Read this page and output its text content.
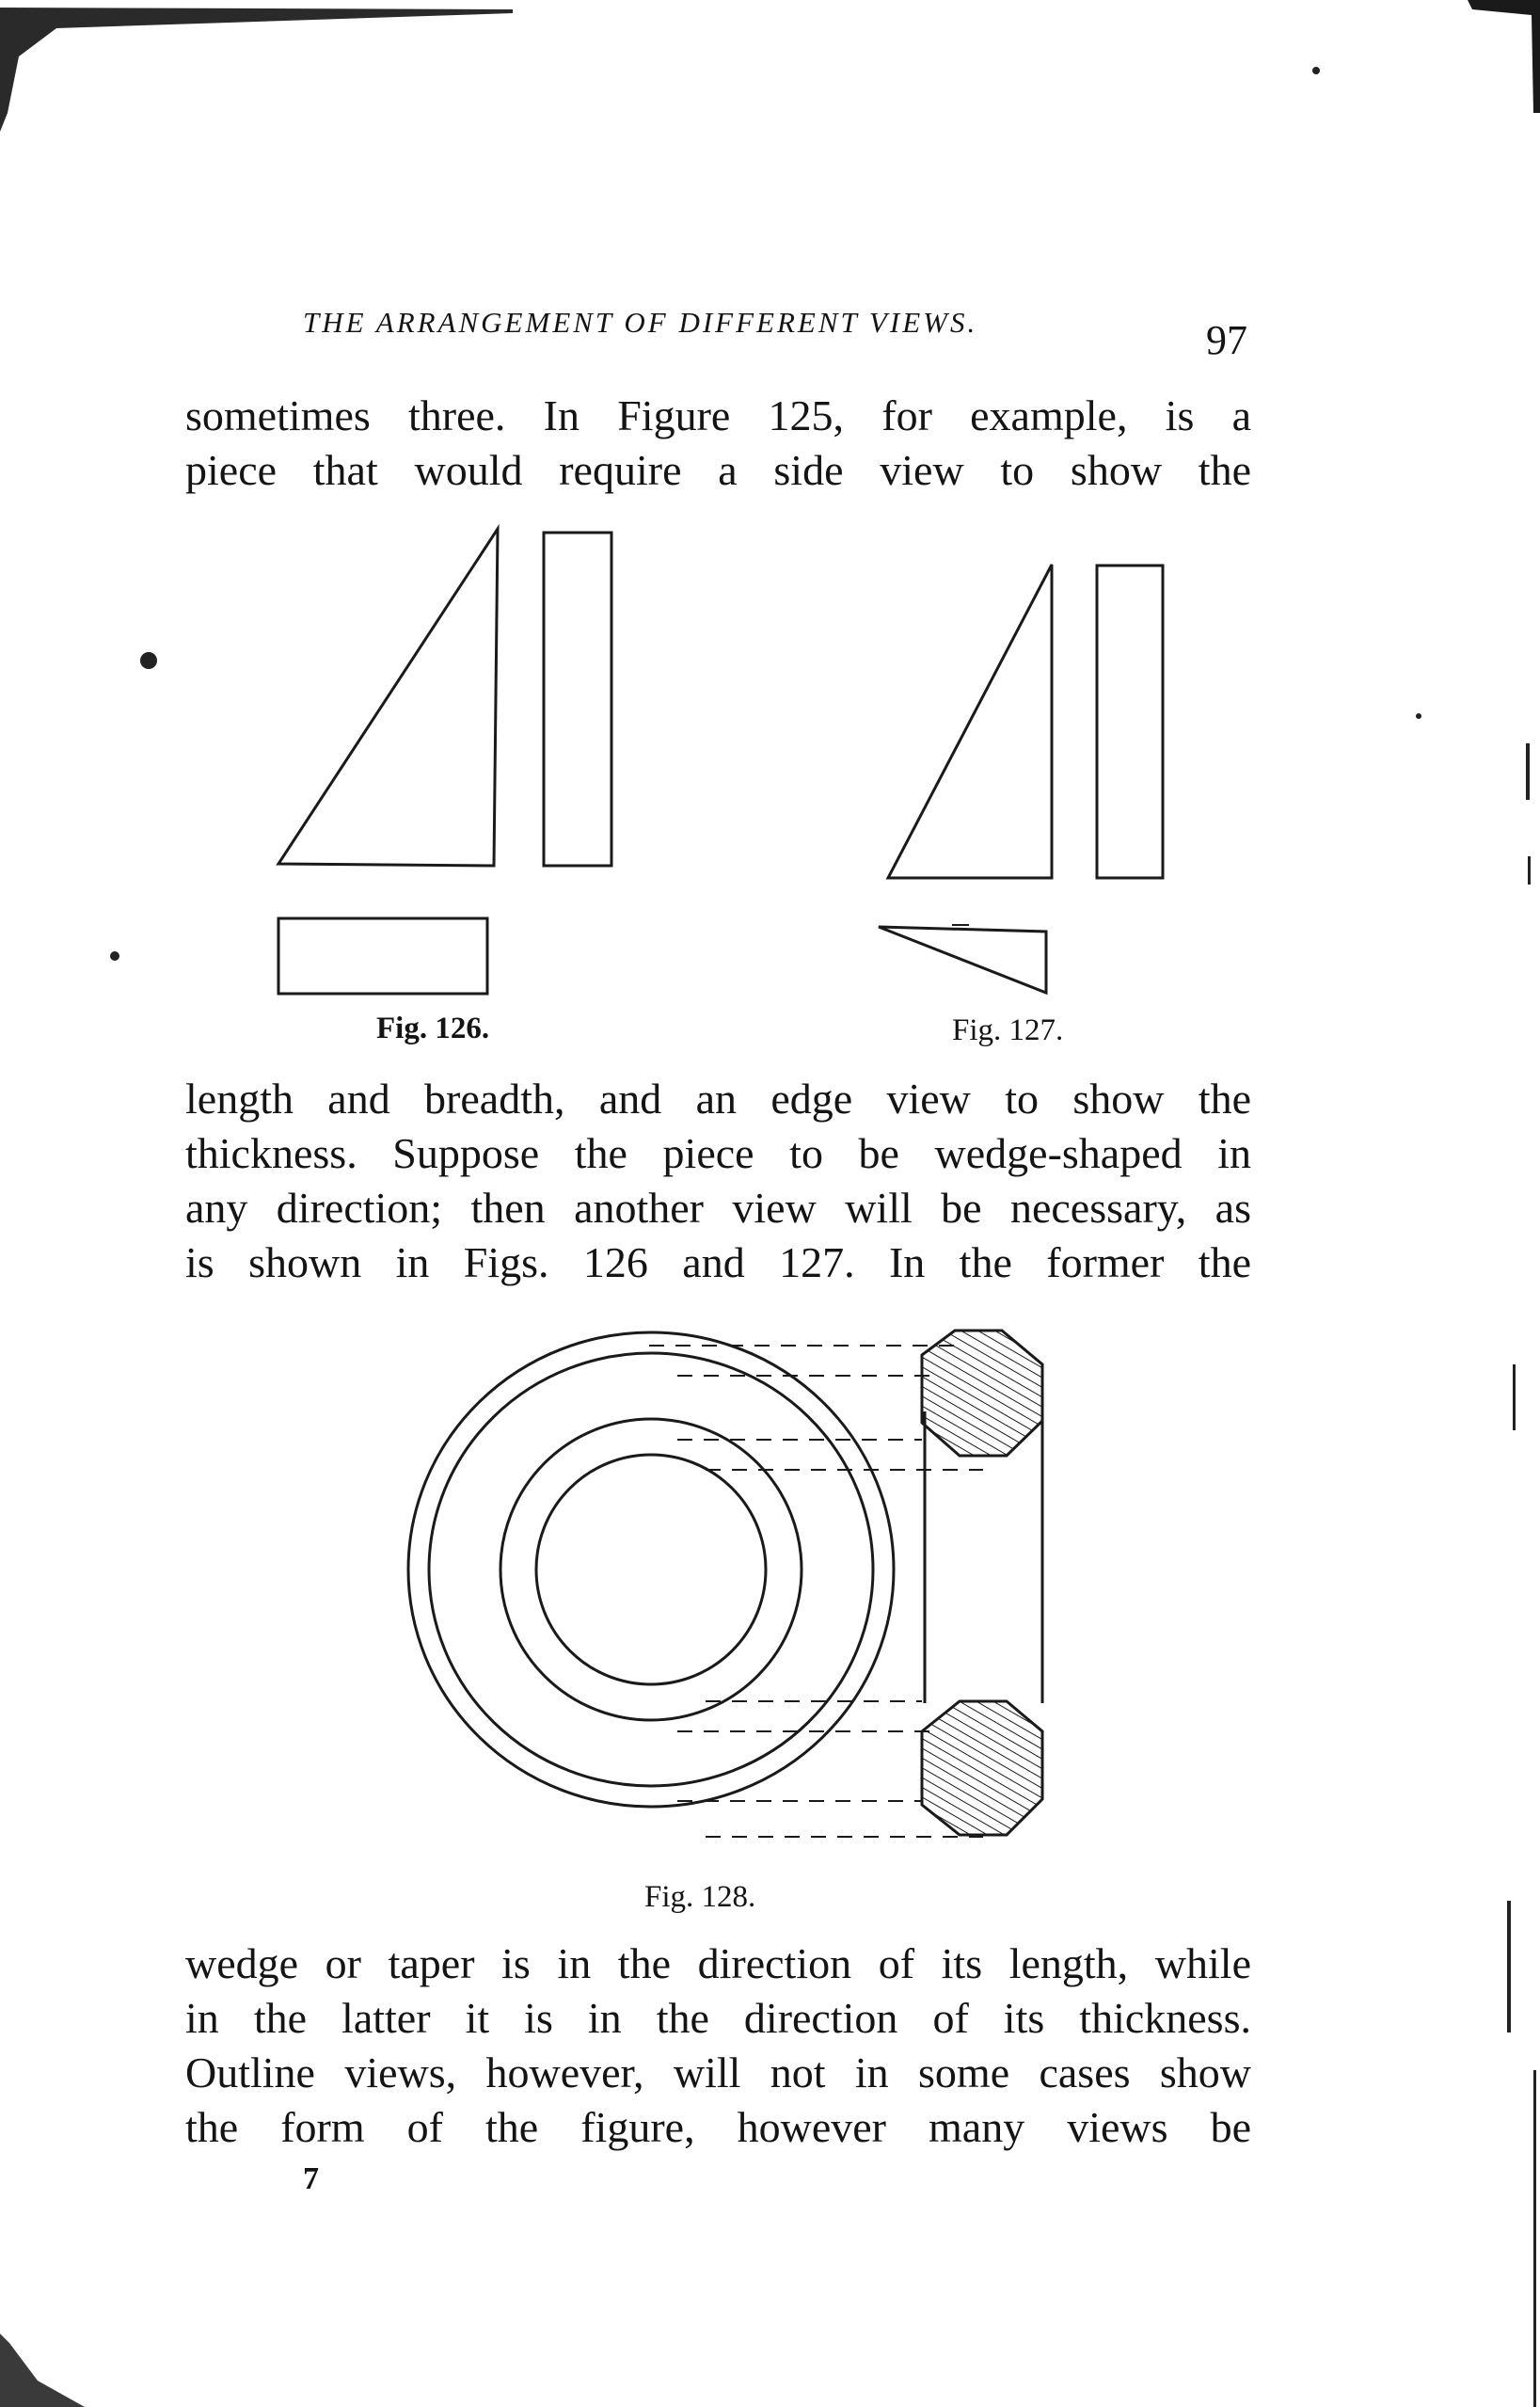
THE ARRANGEMENT OF DIFFERENT VIEWS.	97
sometimes three. In Figure 125, for example, is a
piece that would require a side view to show the
Fig. 126.	Fig. 127.
length and breadth, and an edge view to show the
thickness. Suppose the piece to be wedge-shaped in
any direction; then another view will be necessary, as
is shown in Figs. 126 and 127. In the former the
Fig. 128.
wedge or taper is in the direction of its length, while
in the latter it is in the direction of its thickness.
Outline views, however, will not in some cases show
the form of the figure, however many views be
7
